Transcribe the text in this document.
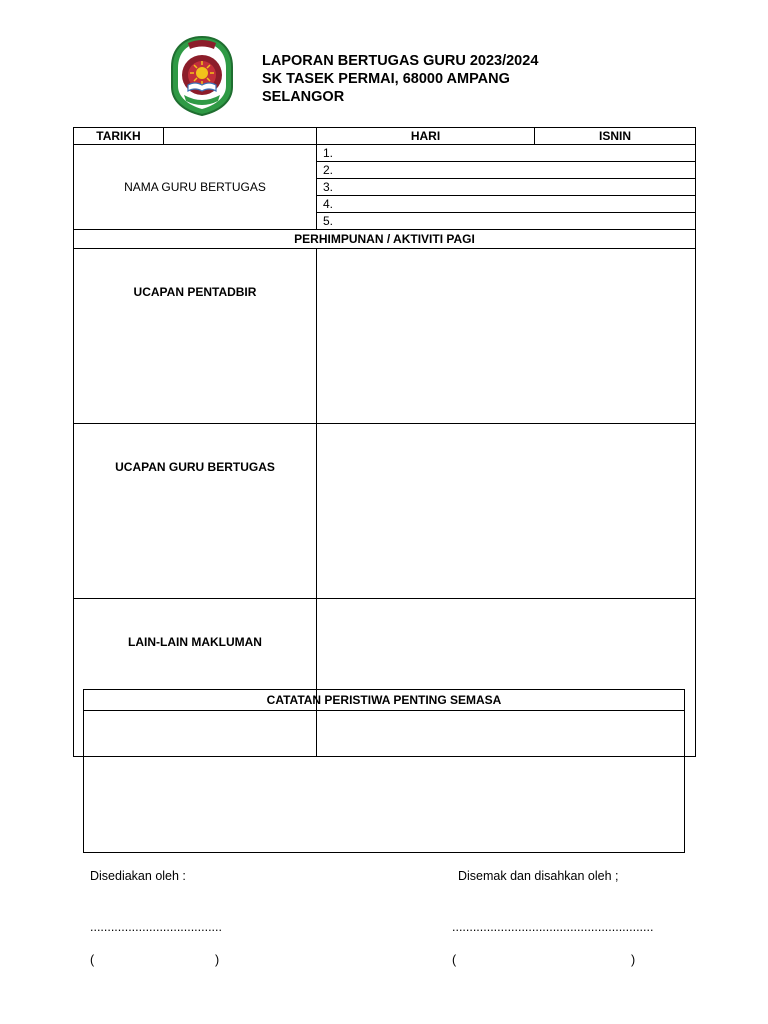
LAPORAN BERTUGAS GURU 2023/2024
SK TASEK PERMAI, 68000 AMPANG
SELANGOR
TARIKH		HARI	ISNIN
NAMA GURU BERTUGAS		1.	
		2.	
		3.	
		4.	
		5.	
PERHIMPUNAN / AKTIVITI PAGI			
UCAPAN PENTADBIR			
UCAPAN GURU BERTUGAS			
LAIN-LAIN MAKLUMAN			
CATATAN PERISTIWA PENTING SEMASA

Disediakan oleh :	Disemak dan disahkan oleh ;
......................................	..........................................................
(	)	(	)
